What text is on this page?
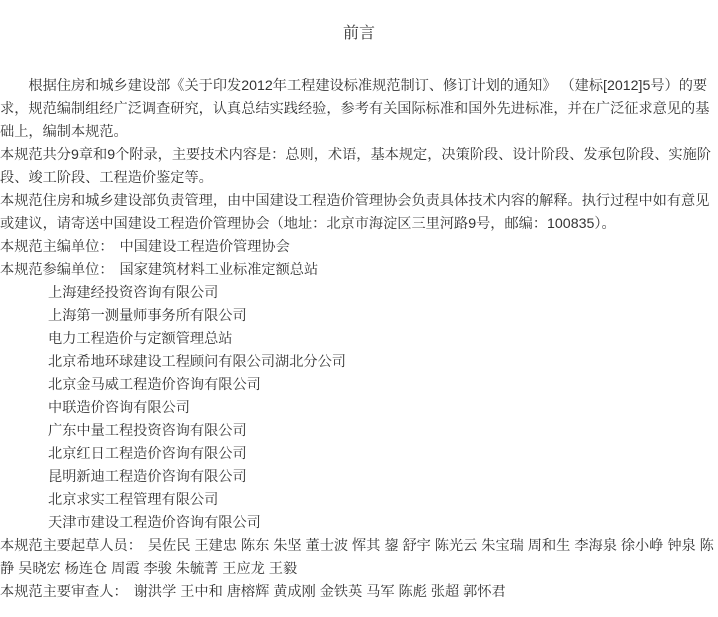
前言

根据住房和城乡建设部《关于印发2012年工程建设标准规范制订、修订计划的通知》 （建标[2012]5号）的要求，规范编制组经广泛调查研究，认真总结实践经验，参考有关国际标准和国外先进标准，并在广泛征求意见的基础上，编制本规范。

本规范共分9章和9个附录，主要技术内容是：总则，术语，基本规定，决策阶段、设计阶段、发承包阶段、实施阶段、竣工阶段、工程造价鉴定等。

本规范住房和城乡建设部负责管理，由中国建设工程造价管理协会负责具体技术内容的解释。执行过程中如有意见或建议，请寄送中国建设工程造价管理协会（地址：北京市海淀区三里河路9号，邮编：100835）。

本规范主编单位： 中国建设工程造价管理协会

本规范参编单位： 国家建筑材料工业标准定额总站

上海建经投资咨询有限公司
上海第一测量师事务所有限公司
电力工程造价与定额管理总站
北京希地环球建设工程顾问有限公司湖北分公司
北京金马威工程造价咨询有限公司
中联造价咨询有限公司
广东中量工程投资咨询有限公司
北京红日工程造价咨询有限公司
昆明新迪工程造价咨询有限公司
北京求实工程管理有限公司
天津市建设工程造价咨询有限公司

本规范主要起草人员： 吴佐民 王建忠 陈东 朱坚 董士波 恽其 鋆 舒宇 陈光云 朱宝瑞 周和生 李海泉 徐小峥 钟泉 陈静 吴晓宏 杨连仓 周霞 李骏 朱毓菁 王应龙 王毅

本规范主要审查人： 谢洪学 王中和 唐榕辉 黄成刚 金铁英 马军 陈彪 张超 郭怀君
